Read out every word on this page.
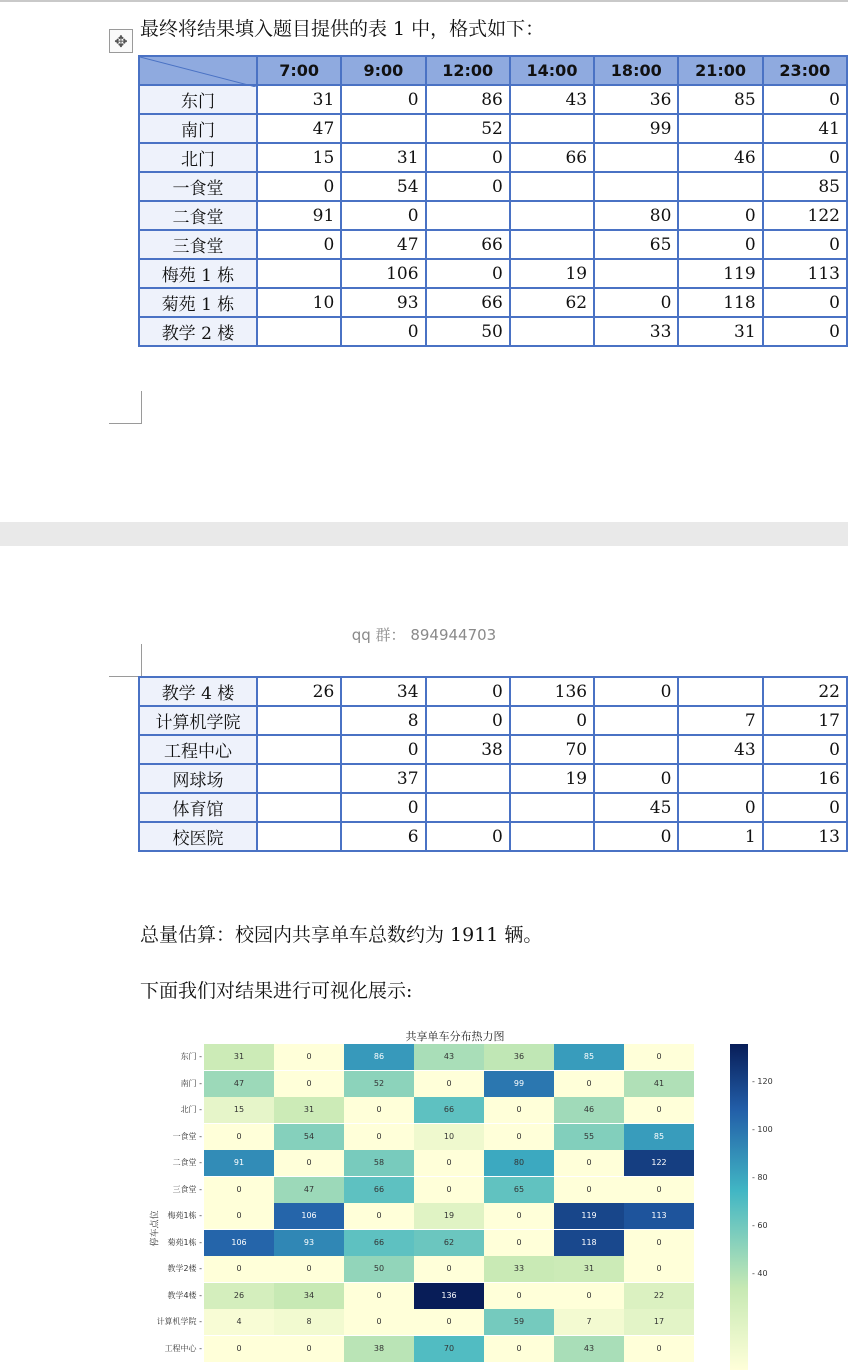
✥
最终将结果填入题目提供的表 1 中，格式如下：
	7:00	9:00	12:00	14:00	18:00	21:00	23:00
东门	31	0	86	43	36	85	0
南门	47		52		99		41
北门	15	31	0	66		46	0
一食堂	0	54	0				85
二食堂	91	0			80	0	122
三食堂	0	47	66		65	0	0
梅苑 1 栋		106	0	19		119	113
菊苑 1 栋	10	93	66	62	0	118	0
教学 2 楼		0	50		33	31	0
qq 群： 894944703
教学 4 楼	26	34	0	136	0		22
计算机学院		8	0	0		7	17
工程中心		0	38	70		43	0
网球场		37		19	0		16
体育馆		0			45	0	0
校医院		6	0		0	1	13
总量估算：校园内共享单车总数约为 1911 辆。
下面我们对结果进行可视化展示:
共享单车分布热力图
停车点位
东门 -	31	0	86	43	36	85	0
南门 -	47	0	52	0	99	0	41
北门 -	15	31	0	66	0	46	0
一食堂 -	0	54	0	10	0	55	85
二食堂 -	91	0	58	0	80	0	122
三食堂 -	0	47	66	0	65	0	0
梅苑1栋 -	0	106	0	19	0	119	113
菊苑1栋 -	106	93	66	62	0	118	0
教学2楼 -	0	0	50	0	33	31	0
教学4楼 -	26	34	0	136	0	0	22
计算机学院 -	4	8	0	0	59	7	17
工程中心 -	0	0	38	70	0	43	0
- 120
- 100
- 80
- 60
- 40
